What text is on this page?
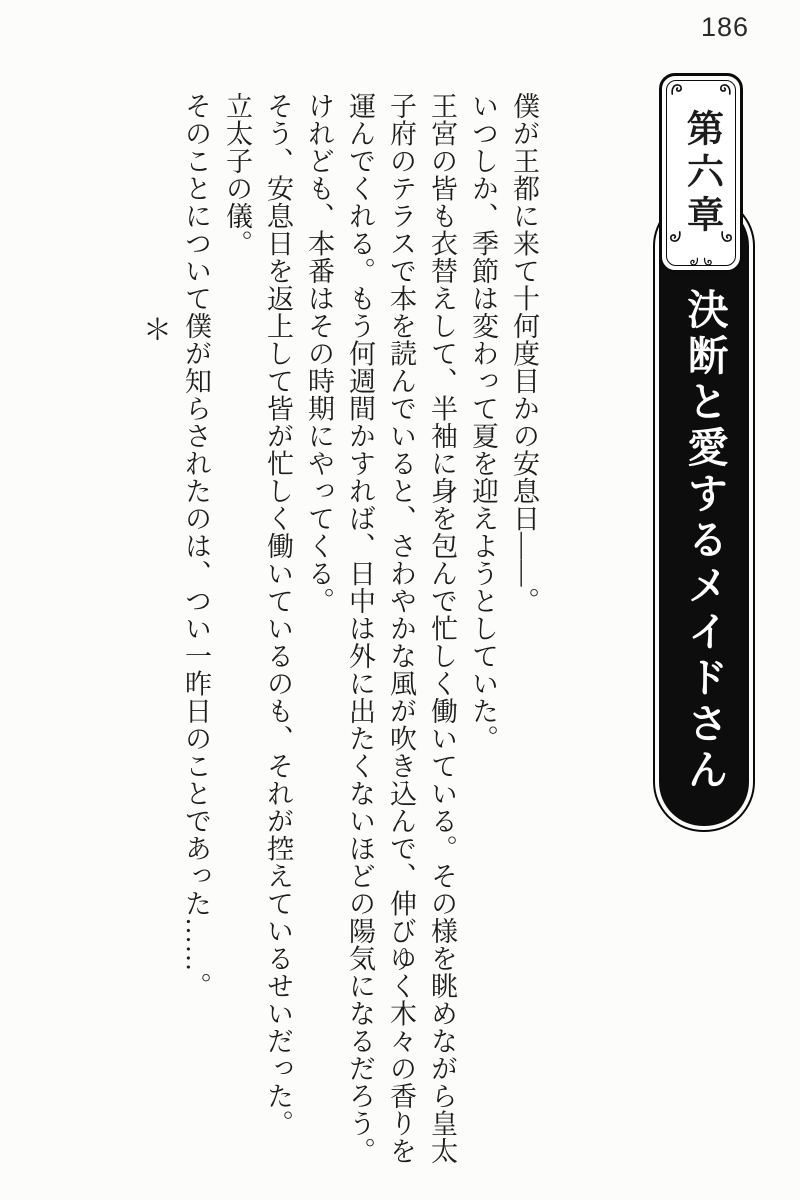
186
決断と愛するメイドさん
第六章

僕が王都に来て十何度目かの安息日――。

いつしか、季節は変わって夏を迎えようとしていた。

王宮の皆も衣替えして、半袖に身を包んで忙しく働いている。その様を眺めながら皇太子府のテラスで本を読んでいると、さわやかな風が吹き込んで、伸びゆく木々の香りを運んでくれる。もう何週間かすれば、日中は外に出たくないほどの陽気になるだろう。

けれども、本番はその時期にやってくる。

そう、安息日を返上して皆が忙しく働いているのも、それが控えているせいだった。

立太子の儀。

そのことについて僕が知らされたのは、つい一昨日のことであった……。

＊
